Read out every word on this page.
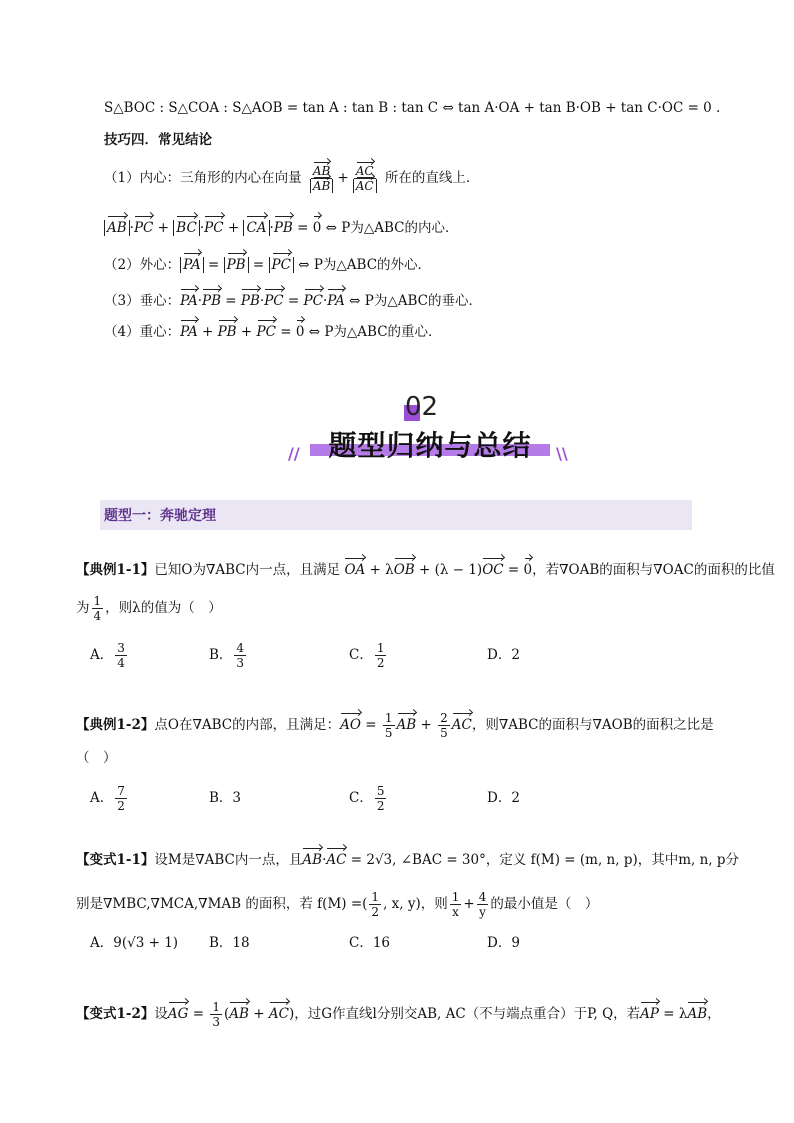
S△BOC : S△COA : S△AOB = tan A : tan B : tan C ⇔ tan A·OA + tan B·OB + tan C·OC = 0 .
技巧四．常见结论
（1）内心：三角形的内心在向量 $\frac{AB}{AB} + \frac{AC}{AC}$ 所在的直线上．
AB ·PC + BC ·PC + CA ·PB = 0 ⇔ P为△ABC的内心．
（2）外心： PA = PB = PC ⇔ P为△ABC的外心．
（3）垂心：PA·PB = PB·PC = PC·PA ⇔ P为△ABC的垂心．
（4）重心：PA + PB + PC = 0 ⇔ P为△ABC的重心．
02
题型归纳与总结
//	\\
题型一：奔驰定理
【典例1-1】已知O为∇ABC内一点，且满足 OA + λOB + (λ − 1)OC = 0，若∇OAB的面积与∇OAC的面积的比值
为 $\frac{1}{4}$ ，则λ的值为（　）
A． $\frac{3}{4}$	B． $\frac{4}{3}$	C． $\frac{1}{2}$	D．2
【典例1-2】点O在∇ABC的内部，且满足：AO = $\frac{1}{5}$ AB + $\frac{2}{5}$ AC，则∇ABC的面积与∇AOB的面积之比是
（　）
A． $\frac{7}{2}$	B．3	C． $\frac{5}{2}$	D．2
【变式1-1】设M是∇ABC内一点，且AB·AC = 2√3, ∠BAC = 30°，定义 f(M) = (m, n, p)，其中m, n, p分
别是∇MBC,∇MCA,∇MAB 的面积，若 f(M) =( $\frac{1}{2}$ , x, y)，则 $\frac{1}{x} + \frac{4}{y}$ 的最小值是（　）
A．9(√3 + 1) B．18	C．16	D．9
【变式1-2】设AG = $\frac{1}{3} (AB + AC)$，过G作直线l分别交AB, AC（不与端点重合）于P, Q，若AP = λAB，
